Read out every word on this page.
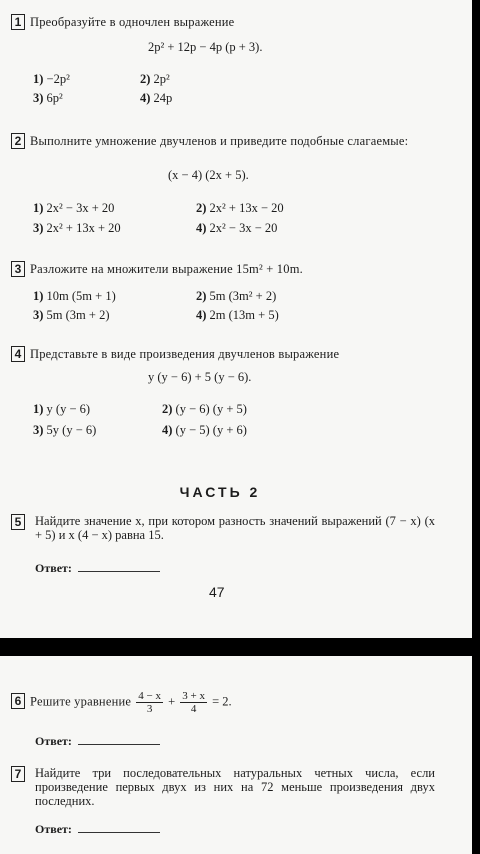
1 Преобразуйте в одночлен выражение
2p² + 12p − 4p (p + 3).
1) −2p²	2) 2p²
3) 6p²	4) 24p
2 Выполните умножение двучленов и приведите подобные слагаемые:
(x − 4) (2x + 5).
1) 2x² − 3x + 20	2) 2x² + 13x − 20
3) 2x² + 13x + 20	4) 2x² − 3x − 20
3 Разложите на множители выражение 15m² + 10m.
1) 10m (5m + 1)	2) 5m (3m² + 2)
3) 5m (3m + 2)	4) 2m (13m + 5)
4 Представьте в виде произведения двучленов выражение
y (y − 6) + 5 (y − 6).
1) y (y − 6)	2) (y − 6) (y + 5)
3) 5y (y − 6)	4) (y − 5) (y + 6)
ЧАСТЬ 2
5	Найдите значение x, при котором разность значений выражений (7 − x) (x + 5) и x (4 − x) равна 15.
Ответ:
47
6 Решите уравнение $\frac{4 - x}{3} + \frac{3 + x}{4} = 2$.
Ответ:
7	Найдите три последовательных натуральных четных числа, если произведение первых двух из них на 72 меньше произведения двух последних.
Ответ:
